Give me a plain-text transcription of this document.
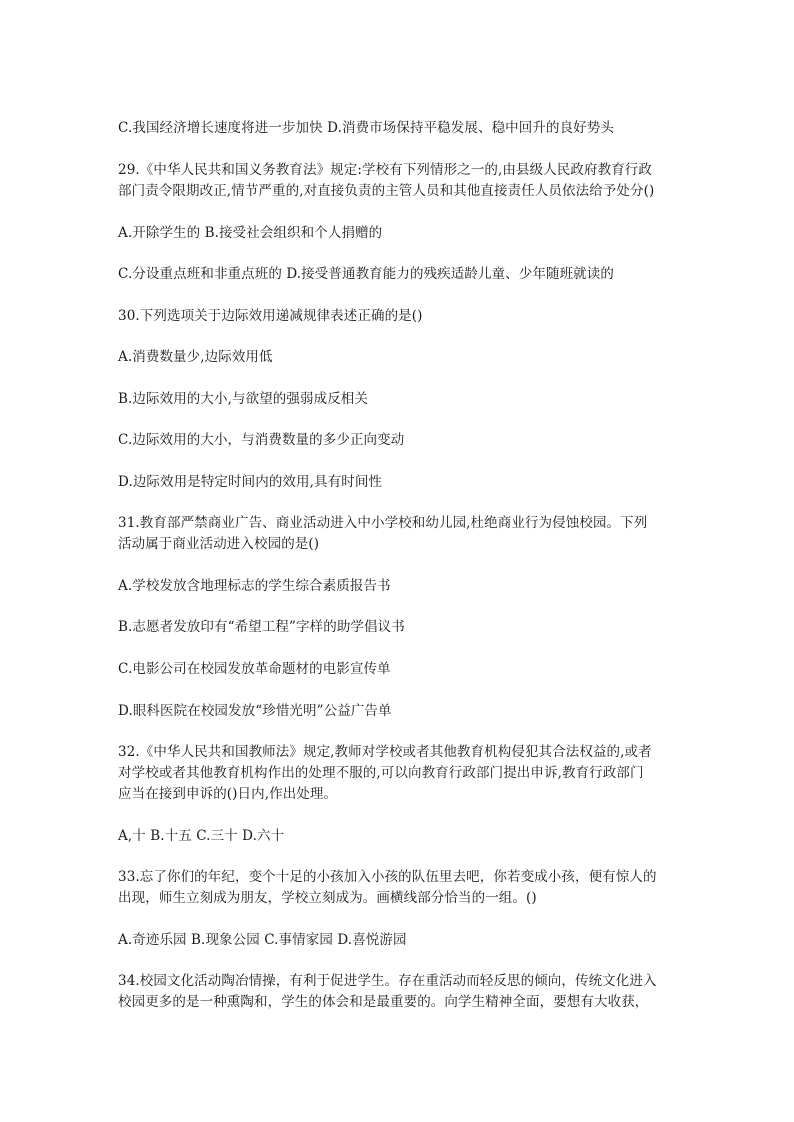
C.我国经济增长速度将进一步加快 D.消费市场保持平稳发展、稳中回升的良好势头
29.《中华人民共和国义务教育法》规定:学校有下列情形之一的,由县级人民政府教育行政
部门责令限期改正,情节严重的,对直接负责的主管人员和其他直接责任人员依法给予处分()
A.开除学生的 B.接受社会组织和个人捐赠的
C.分设重点班和非重点班的 D.接受普通教育能力的残疾适龄儿童、少年随班就读的
30.下列选项关于边际效用递减规律表述正确的是()
A.消费数量少,边际效用低
B.边际效用的大小,与欲望的强弱成反相关
C.边际效用的大小，与消费数量的多少正向变动
D.边际效用是特定时间内的效用,具有时间性
31.教育部严禁商业广告、商业活动进入中小学校和幼儿园,杜绝商业行为侵蚀校园。下列
活动属于商业活动进入校园的是()
A.学校发放含地理标志的学生综合素质报告书
B.志愿者发放印有“希望工程”字样的助学倡议书
C.电影公司在校园发放革命题材的电影宣传单
D.眼科医院在校园发放“珍惜光明”公益广告单
32.《中华人民共和国教师法》规定,教师对学校或者其他教育机构侵犯其合法权益的,或者
对学校或者其他教育机构作出的处理不服的,可以向教育行政部门提出申诉,教育行政部门
应当在接到申诉的()日内,作出处理。
A,十 B.十五 C.三十 D.六十
33.忘了你们的年纪，变个十足的小孩加入小孩的队伍里去吧，你若变成小孩，便有惊人的
出现，师生立刻成为朋友，学校立刻成为。画横线部分恰当的一组。()
A.奇迹乐园 B.现象公园 C.事情家园 D.喜悦游园
34.校园文化活动陶冶情操，有利于促进学生。存在重活动而轻反思的倾向，传统文化进入
校园更多的是一种熏陶和，学生的体会和是最重要的。向学生精神全面，要想有大收获，
